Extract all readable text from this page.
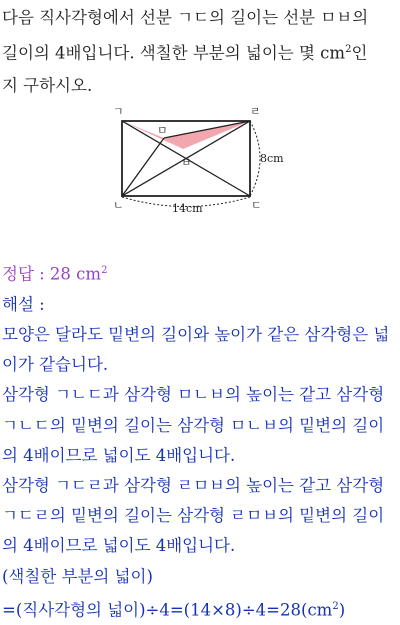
다음 직사각형에서 선분 ㄱㄷ의 길이는 선분 ㅁㅂ의
길이의 4배입니다. 색칠한 부분의 넓이는 몇 $cm^2$인
지 구하시오.
ㄱ	ㄹ
ㄴ	ㄷ
ㅁ
ㅂ	8cm
14cm
정답 : 28 $cm^2$
해설 :
모양은 달라도 밑변의 길이와 높이가 같은 삼각형은 넓
이가 같습니다.
삼각형 ㄱㄴㄷ과 삼각형 ㅁㄴㅂ의 높이는 같고 삼각형
ㄱㄴㄷ의 밑변의 길이는 삼각형 ㅁㄴㅂ의 밑변의 길이
의 4배이므로 넓이도 4배입니다.
삼각형 ㄱㄷㄹ과 삼각형 ㄹㅁㅂ의 높이는 같고 삼각형
ㄱㄷㄹ의 밑변의 길이는 삼각형 ㄹㅁㅂ의 밑변의 길이
의 4배이므로 넓이도 4배입니다.
(색칠한 부분의 넓이)
=(직사각형의 넓이)$\div 4=(14\times 8)\div 4=28(cm^2)$
